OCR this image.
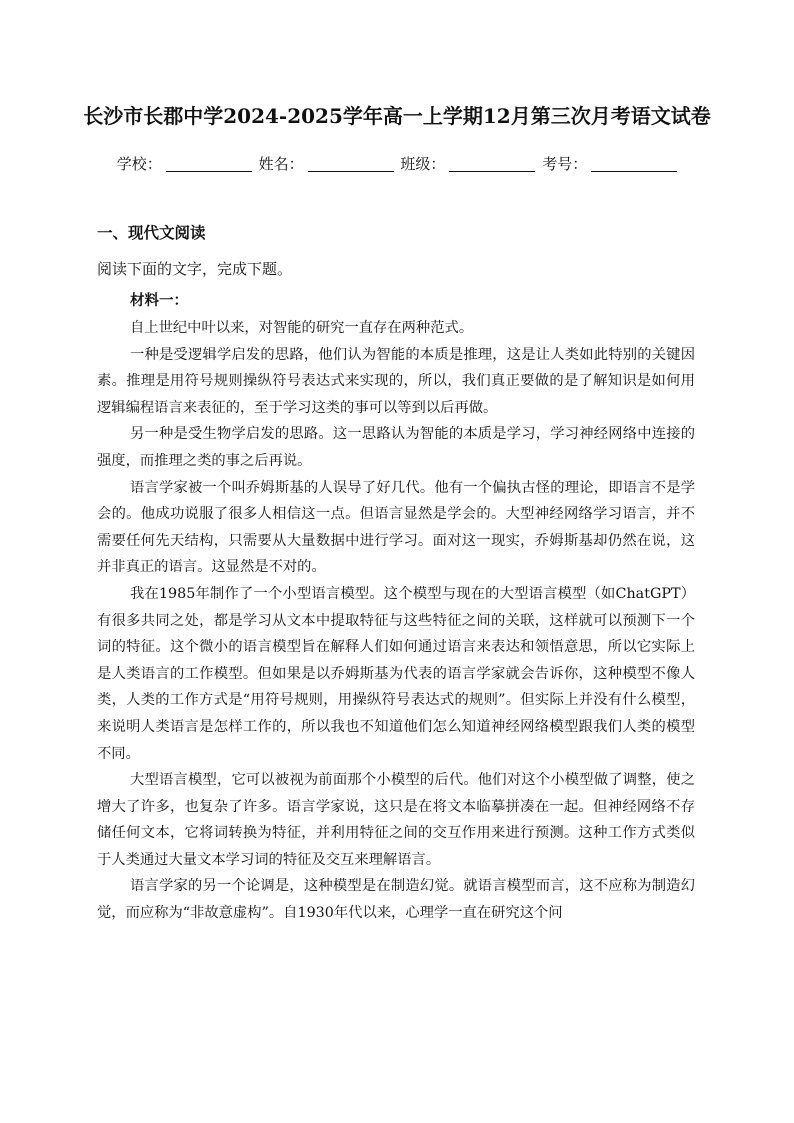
长沙市长郡中学2024-2025学年高一上学期12月第三次月考语文试卷
学校：	姓名：	班级：	考号：
一、现代文阅读
阅读下面的文字，完成下题。
材料一：

自上世纪中叶以来，对智能的研究一直存在两种范式。

一种是受逻辑学启发的思路，他们认为智能的本质是推理，这是让人类如此特别的关键因素。推理是用符号规则操纵符号表达式来实现的，所以，我们真正要做的是了解知识是如何用逻辑编程语言来表征的，至于学习这类的事可以等到以后再做。

另一种是受生物学启发的思路。这一思路认为智能的本质是学习，学习神经网络中连接的强度，而推理之类的事之后再说。

语言学家被一个叫乔姆斯基的人误导了好几代。他有一个偏执古怪的理论，即语言不是学会的。他成功说服了很多人相信这一点。但语言显然是学会的。大型神经网络学习语言，并不需要任何先天结构，只需要从大量数据中进行学习。面对这一现实，乔姆斯基却仍然在说，这并非真正的语言。这显然是不对的。

我在1985年制作了一个小型语言模型。这个模型与现在的大型语言模型（如ChatGPT）有很多共同之处，都是学习从文本中提取特征与这些特征之间的关联，这样就可以预测下一个词的特征。这个微小的语言模型旨在解释人们如何通过语言来表达和领悟意思，所以它实际上是人类语言的工作模型。但如果是以乔姆斯基为代表的语言学家就会告诉你，这种模型不像人类，人类的工作方式是“用符号规则，用操纵符号表达式的规则”。但实际上并没有什么模型，来说明人类语言是怎样工作的，所以我也不知道他们怎么知道神经网络模型跟我们人类的模型不同。

大型语言模型，它可以被视为前面那个小模型的后代。他们对这个小模型做了调整，使之增大了许多，也复杂了许多。语言学家说，这只是在将文本临摹拼凑在一起。但神经网络不存储任何文本，它将词转换为特征，并利用特征之间的交互作用来进行预测。这种工作方式类似于人类通过大量文本学习词的特征及交互来理解语言。

语言学家的另一个论调是，这种模型是在制造幻觉。就语言模型而言，这不应称为制造幻觉，而应称为“非故意虚构”。自1930年代以来，心理学一直在研究这个问
